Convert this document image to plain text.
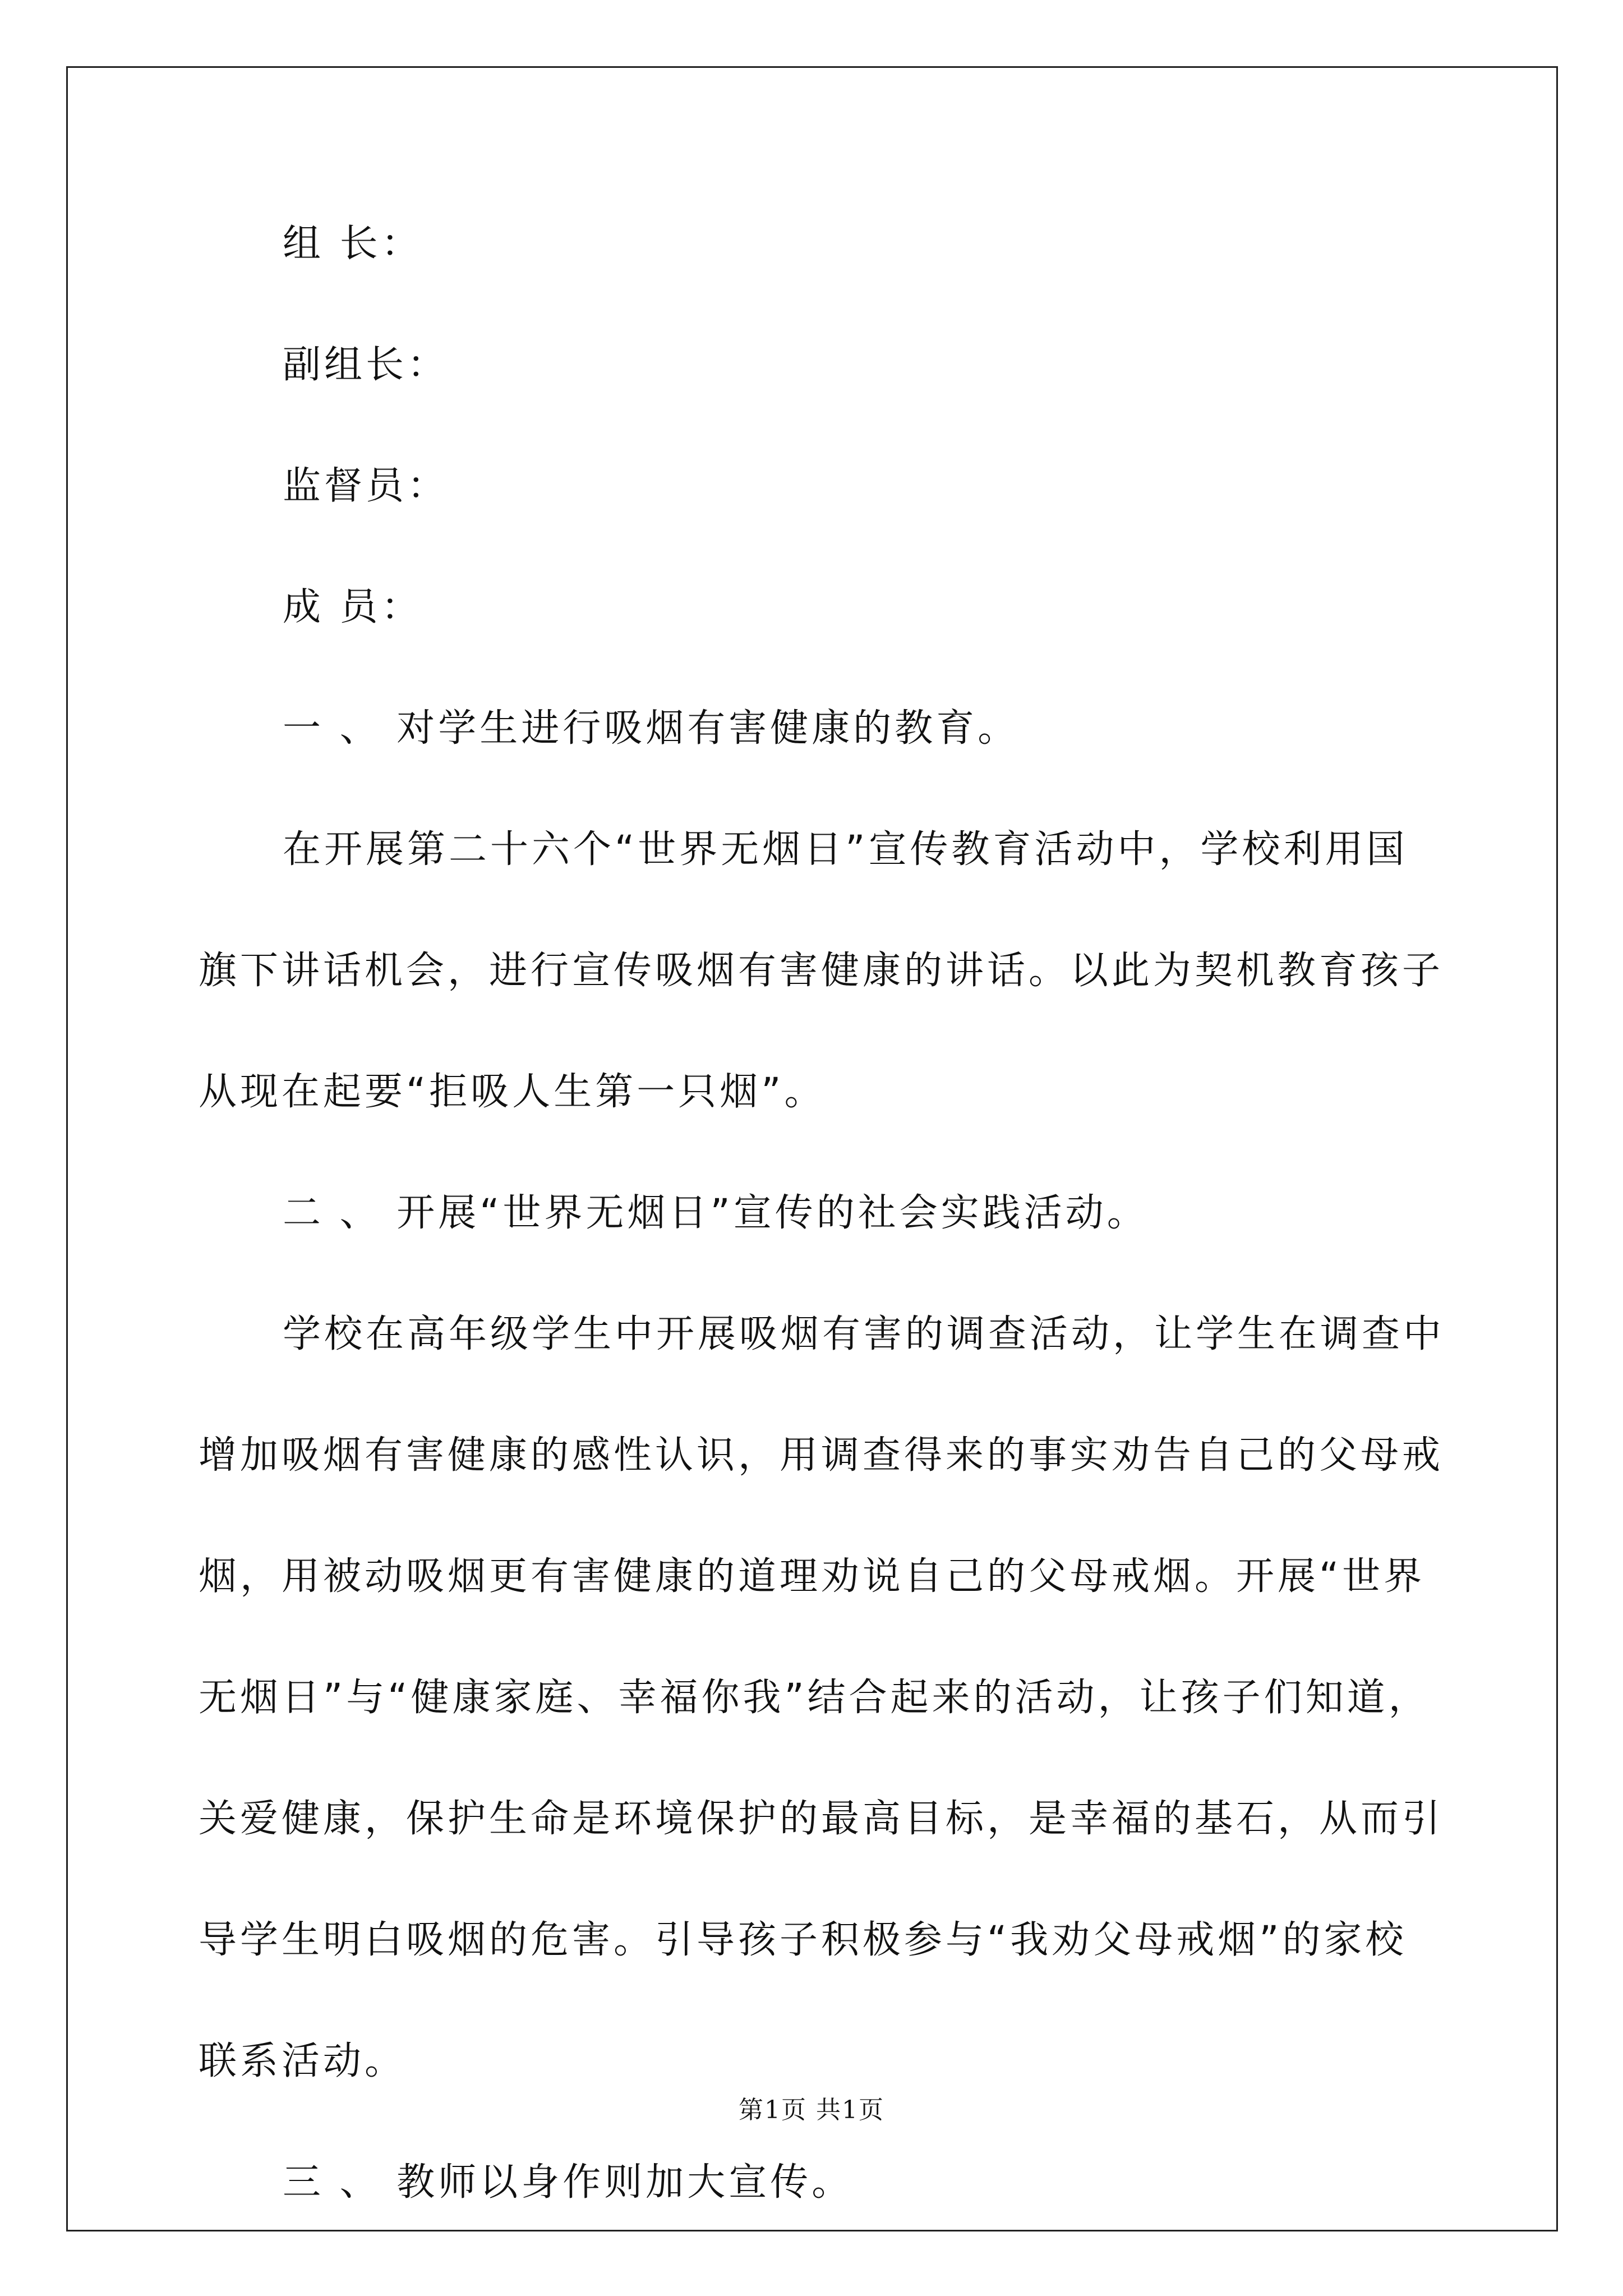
组 长：
副组长：
监督员：
成 员：
一 、 对学生进行吸烟有害健康的教育。
在开展第二十六个“世界无烟日”宣传教育活动中，学校利用国
旗下讲话机会，进行宣传吸烟有害健康的讲话。以此为契机教育孩子
从现在起要“拒吸人生第一只烟”。
二 、 开展“世界无烟日”宣传的社会实践活动。
学校在高年级学生中开展吸烟有害的调查活动，让学生在调查中
增加吸烟有害健康的感性认识，用调查得来的事实劝告自己的父母戒
烟，用被动吸烟更有害健康的道理劝说自己的父母戒烟。开展“世界
无烟日”与“健康家庭、幸福你我”结合起来的活动，让孩子们知道，
关爱健康，保护生命是环境保护的最高目标，是幸福的基石，从而引
导学生明白吸烟的危害。引导孩子积极参与“我劝父母戒烟”的家校
联系活动。
三 、 教师以身作则加大宣传。
第1页 共1页
